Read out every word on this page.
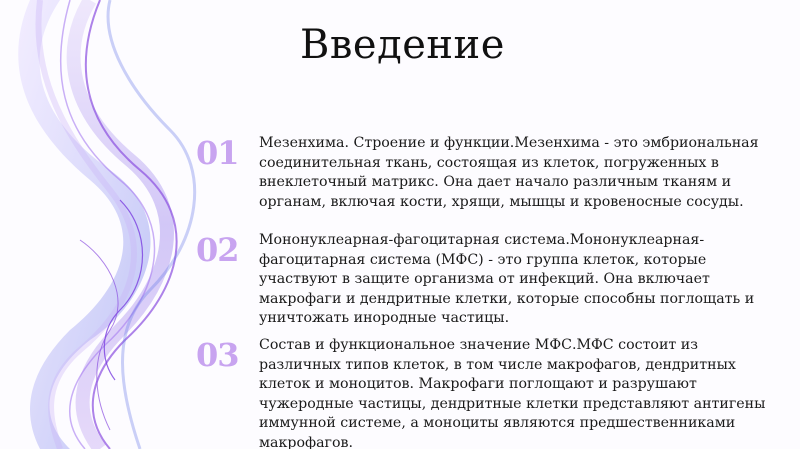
Введение
01 Мезенхима. Строение и функции.Мезенхима - это эмбриональная соединительная ткань, состоящая из клеток, погруженных в внеклеточный матрикс. Она дает начало различным тканям и органам, включая кости, хрящи, мышцы и кровеносные сосуды.

02 Мононуклеарная-фагоцитарная система.Мононуклеарная-фагоцитарная система (МФС) - это группа клеток, которые участвуют в защите организма от инфекций. Она включает макрофаги и дендритные клетки, которые способны поглощать и уничтожать инородные частицы.

03 Состав и функциональное значение МФС.МФС состоит из различных типов клеток, в том числе макрофагов, дендритных клеток и моноцитов. Макрофаги поглощают и разрушают чужеродные частицы, дендритные клетки представляют антигены иммунной системе, а моноциты являются предшественниками макрофагов.
